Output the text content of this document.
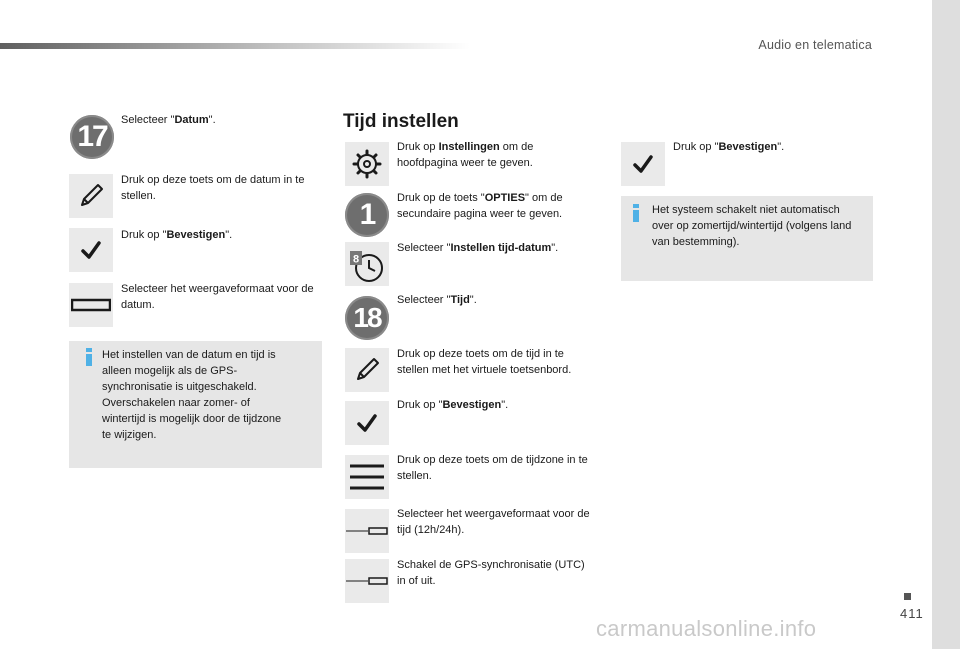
Audio en telematica
17	Selecteer "Datum".
Druk op deze toets om de datum in te stellen.
Druk op "Bevestigen".
Selecteer het weergaveformaat voor de datum.
Het instellen van de datum en tijd is alleen mogelijk als de GPS-synchronisatie is uitgeschakeld. Overschakelen naar zomer- of wintertijd is mogelijk door de tijdzone te wijzigen.
Tijd instellen
Druk op Instellingen om de hoofdpagina weer te geven.
1	Druk op de toets "OPTIES" om de secundaire pagina weer te geven.
8
Selecteer "Instellen tijd-datum".
18
Selecteer "Tijd".
Druk op deze toets om de tijd in te stellen met het virtuele toetsenbord.
Druk op "Bevestigen".
Druk op deze toets om de tijdzone in te stellen.
Selecteer het weergaveformaat voor de tijd (12h/24h).
Schakel de GPS-synchronisatie (UTC) in of uit.
Druk op "Bevestigen".
Het systeem schakelt niet automatisch over op zomertijd/wintertijd (volgens land van bestemming).
411
carmanualsonline.info
